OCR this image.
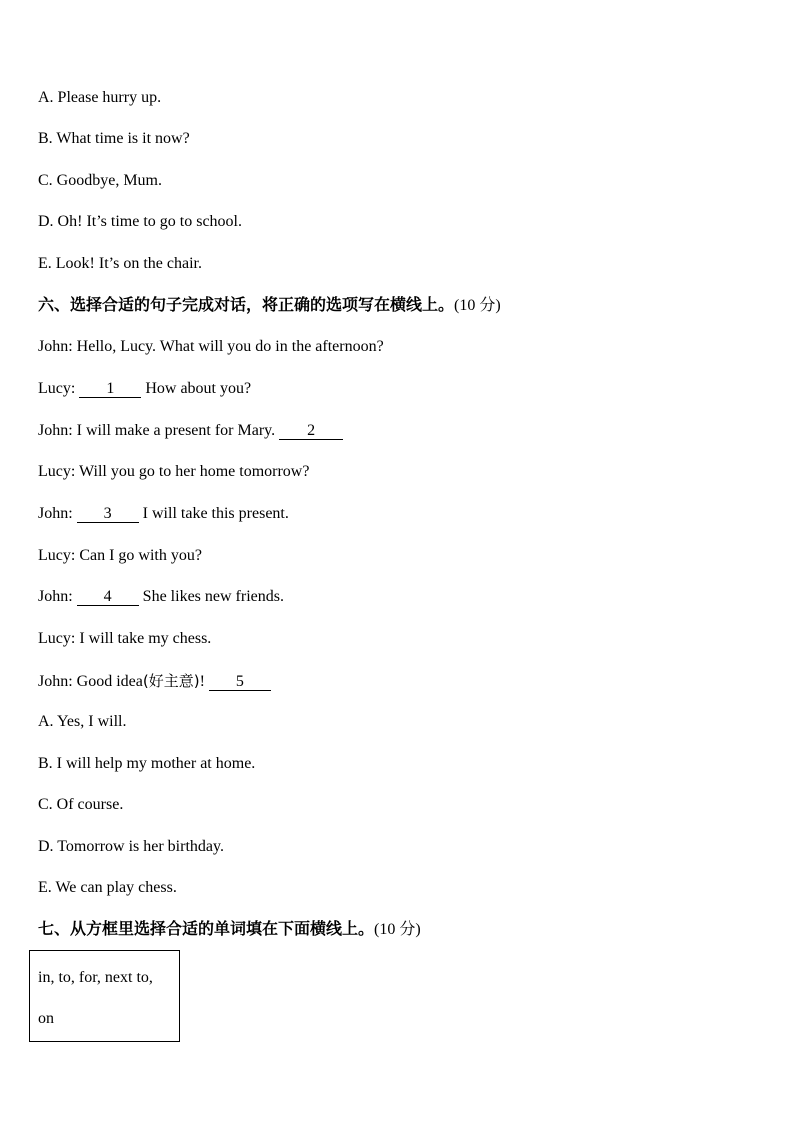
A. Please hurry up.
B. What time is it now?
C. Goodbye, Mum.
D. Oh! It’s time to go to school.
E. Look! It’s on the chair.
六、选择合适的句子完成对话，将正确的选项写在横线上。(10 分)
John: Hello, Lucy. What will you do in the afternoon?
Lucy: 1 How about you?
John: I will make a present for Mary. 2
Lucy: Will you go to her home tomorrow?
John: 3 I will take this present.
Lucy: Can I go with you?
John: 4 She likes new friends.
Lucy: I will take my chess.
John: Good idea(好主意)! 5
A. Yes, I will.
B. I will help my mother at home.
C. Of course.
D. Tomorrow is her birthday.
E. We can play chess.
七、从方框里选择合适的单词填在下面横线上。(10 分)
in, to, for, next to,
on
